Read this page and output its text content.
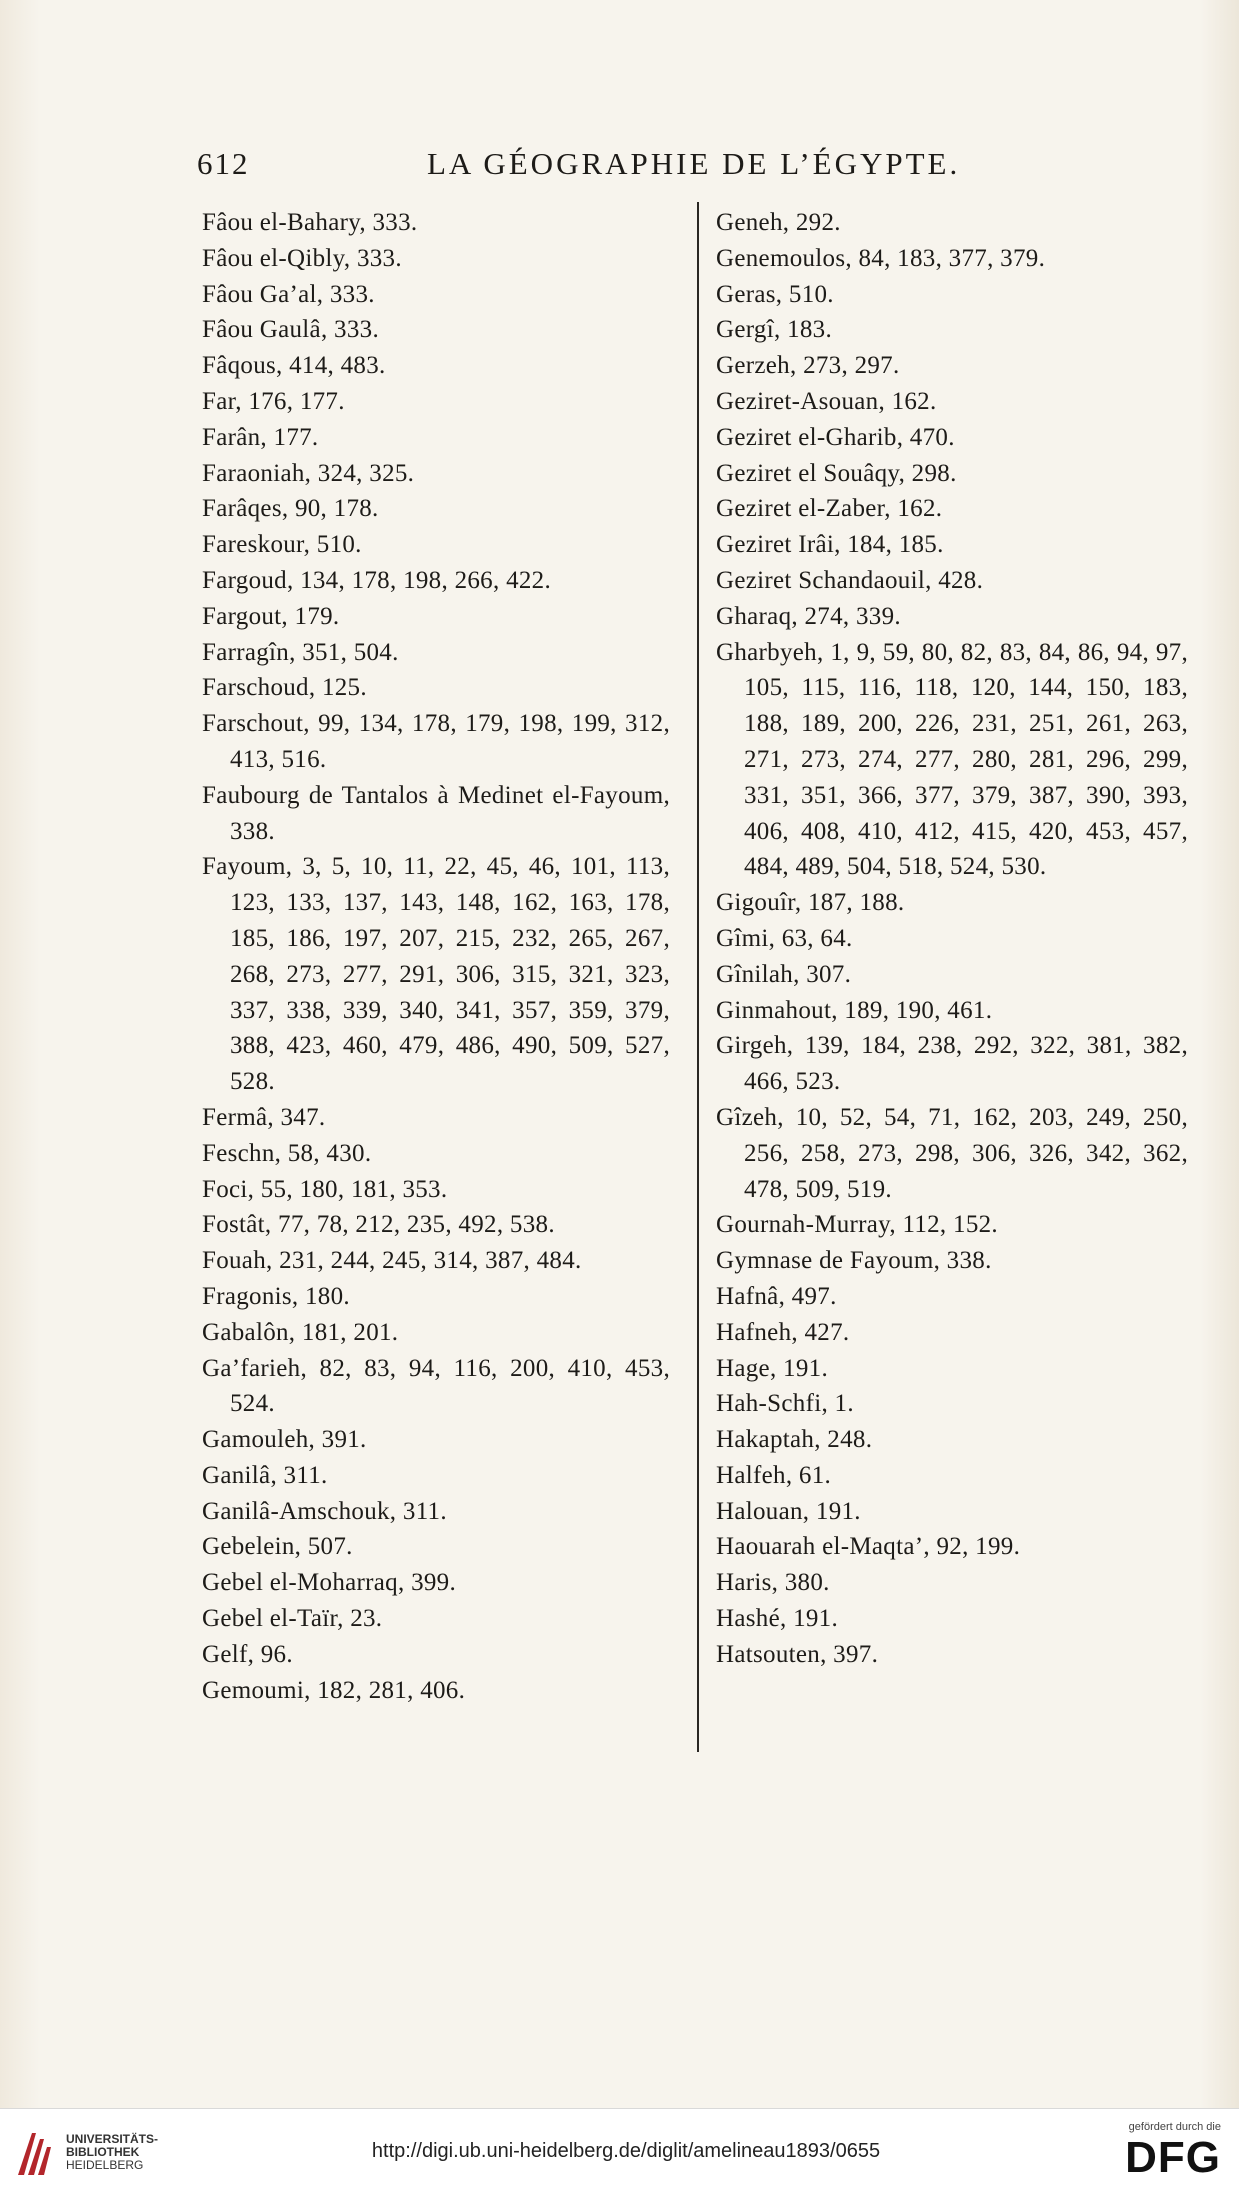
612	LA GÉOGRAPHIE DE L’ÉGYPTE.
Fâou el-Bahary, 333.
Fâou el-Qibly, 333.
Fâou Ga’al, 333.
Fâou Gaulâ, 333.
Fâqous, 414, 483.
Far, 176, 177.
Farân, 177.
Faraoniah, 324, 325.
Farâqes, 90, 178.
Fareskour, 510.
Fargoud, 134, 178, 198, 266, 422.
Fargout, 179.
Farragîn, 351, 504.
Farschoud, 125.
Farschout, 99, 134, 178, 179, 198, 199, 312, 413, 516.
Faubourg de Tantalos à Medinet el-Fayoum, 338.
Fayoum, 3, 5, 10, 11, 22, 45, 46, 101, 113, 123, 133, 137, 143, 148, 162, 163, 178, 185, 186, 197, 207, 215, 232, 265, 267, 268, 273, 277, 291, 306, 315, 321, 323, 337, 338, 339, 340, 341, 357, 359, 379, 388, 423, 460, 479, 486, 490, 509, 527, 528.
Fermâ, 347.
Feschn, 58, 430.
Foci, 55, 180, 181, 353.
Fostât, 77, 78, 212, 235, 492, 538.
Fouah, 231, 244, 245, 314, 387, 484.
Fragonis, 180.
Gabalôn, 181, 201.
Ga’farieh, 82, 83, 94, 116, 200, 410, 453, 524.
Gamouleh, 391.
Ganilâ, 311.
Ganilâ-Amschouk, 311.
Gebelein, 507.
Gebel el-Moharraq, 399.
Gebel el-Taïr, 23.
Gelf, 96.
Gemoumi, 182, 281, 406.
Geneh, 292.
Genemoulos, 84, 183, 377, 379.
Geras, 510.
Gergî, 183.
Gerzeh, 273, 297.
Geziret-Asouan, 162.
Geziret el-Gharib, 470.
Geziret el Souâqy, 298.
Geziret el-Zaber, 162.
Geziret Irâi, 184, 185.
Geziret Schandaouil, 428.
Gharaq, 274, 339.
Gharbyeh, 1, 9, 59, 80, 82, 83, 84, 86, 94, 97, 105, 115, 116, 118, 120, 144, 150, 183, 188, 189, 200, 226, 231, 251, 261, 263, 271, 273, 274, 277, 280, 281, 296, 299, 331, 351, 366, 377, 379, 387, 390, 393, 406, 408, 410, 412, 415, 420, 453, 457, 484, 489, 504, 518, 524, 530.
Gigouîr, 187, 188.
Gîmi, 63, 64.
Gînilah, 307.
Ginmahout, 189, 190, 461.
Girgeh, 139, 184, 238, 292, 322, 381, 382, 466, 523.
Gîzeh, 10, 52, 54, 71, 162, 203, 249, 250, 256, 258, 273, 298, 306, 326, 342, 362, 478, 509, 519.
Gournah-Murray, 112, 152.
Gymnase de Fayoum, 338.
Hafnâ, 497.
Hafneh, 427.
Hage, 191.
Hah-Schfi, 1.
Hakaptah, 248.
Halfeh, 61.
Halouan, 191.
Haouarah el-Maqta’, 92, 199.
Haris, 380.
Hashé, 191.
Hatsouten, 397.
UNIVERSITÄTS-
BIBLIOTHEK
HEIDELBERG
http://digi.ub.uni-heidelberg.de/diglit/amelineau1893/0655
gefördert durch die
DFG
